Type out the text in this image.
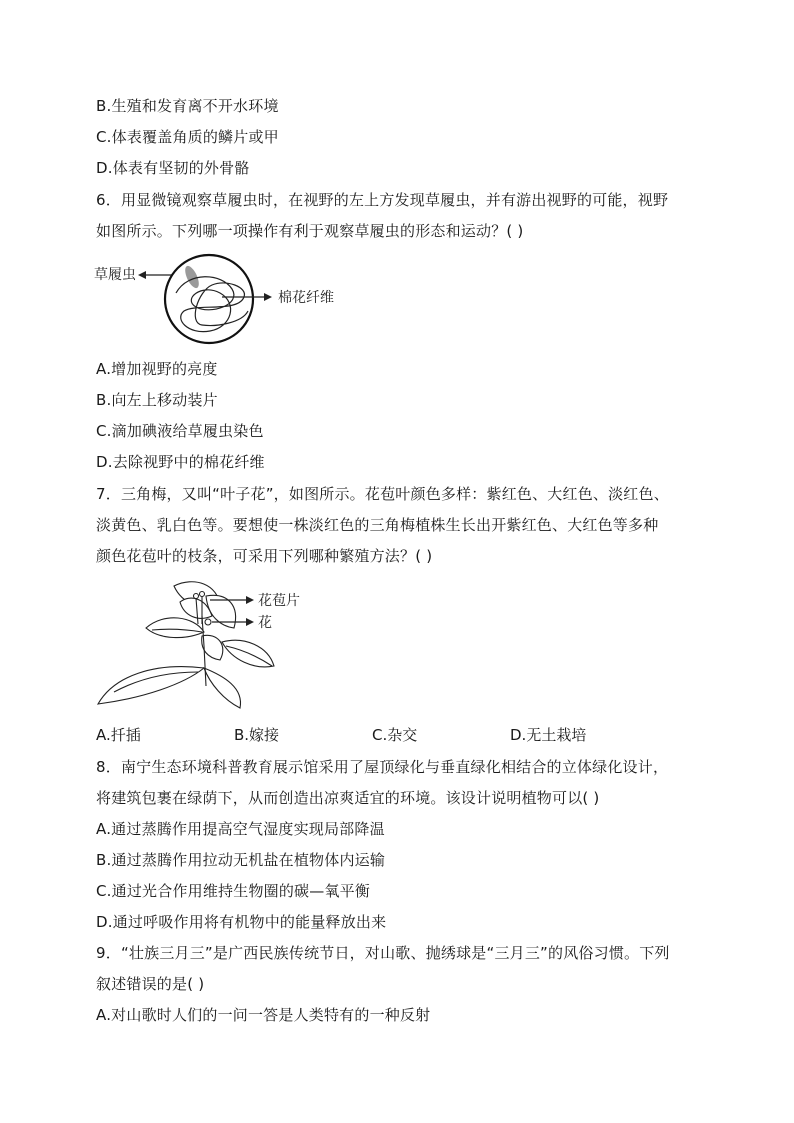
B.生殖和发育离不开水环境
C.体表覆盖角质的鳞片或甲
D.体表有坚韧的外骨骼
6．用显微镜观察草履虫时，在视野的左上方发现草履虫，并有游出视野的可能，视野
如图所示。下列哪一项操作有利于观察草履虫的形态和运动？( )
草履虫
棉花纤维
A.增加视野的亮度
B.向左上移动装片
C.滴加碘液给草履虫染色
D.去除视野中的棉花纤维
7．三角梅，又叫“叶子花”，如图所示。花苞叶颜色多样：紫红色、大红色、淡红色、
淡黄色、乳白色等。要想使一株淡红色的三角梅植株生长出开紫红色、大红色等多种
颜色花苞叶的枝条，可采用下列哪种繁殖方法？( )
花苞片
花
A.扦插	B.嫁接	C.杂交	D.无土栽培
8．南宁生态环境科普教育展示馆采用了屋顶绿化与垂直绿化相结合的立体绿化设计，
将建筑包裹在绿荫下，从而创造出凉爽适宜的环境。该设计说明植物可以( )
A.通过蒸腾作用提高空气湿度实现局部降温
B.通过蒸腾作用拉动无机盐在植物体内运输
C.通过光合作用维持生物圈的碳—氧平衡
D.通过呼吸作用将有机物中的能量释放出来
9．“壮族三月三”是广西民族传统节日，对山歌、抛绣球是“三月三”的风俗习惯。下列
叙述错误的是( )
A.对山歌时人们的一问一答是人类特有的一种反射
